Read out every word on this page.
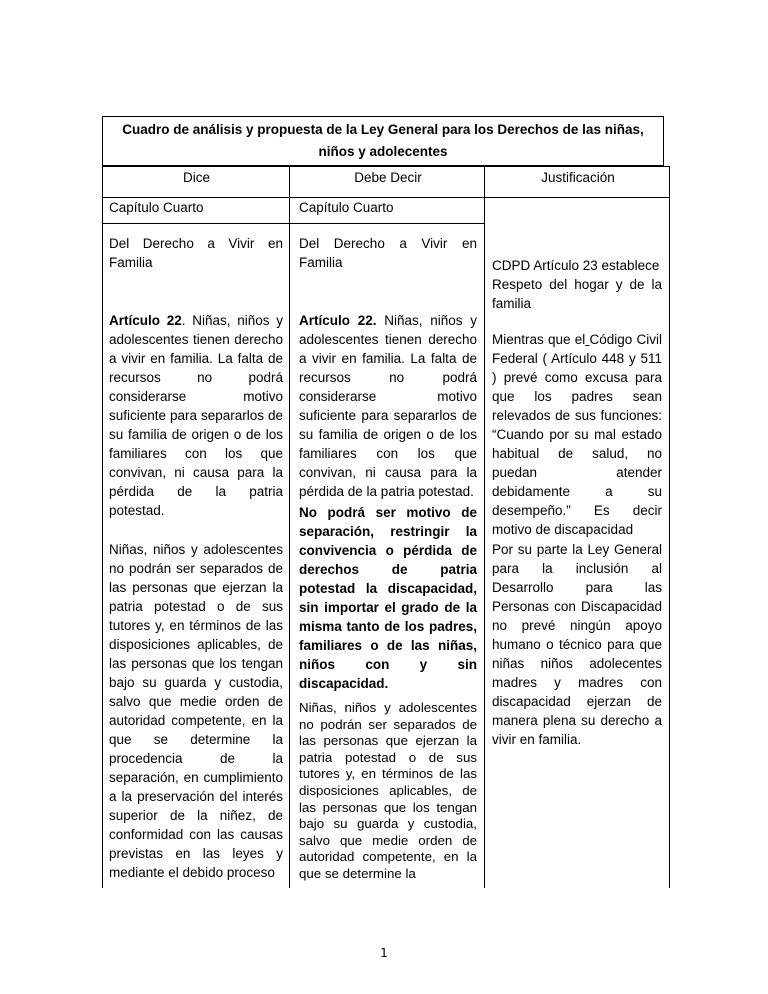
Cuadro de análisis y propuesta de la Ley General para los Derechos de las niñas, niños y adolecentes
Dice	Debe Decir	Justificación
Capítulo Cuarto
Del Derecho a Vivir en Familia
Artículo 22. Niñas, niños y adolescentes tienen derecho a vivir en familia. La falta de recursos no podrá considerarse motivo suficiente para separarlos de su familia de origen o de los familiares con los que convivan, ni causa para la pérdida de la patria potestad.
Niñas, niños y adolescentes no podrán ser separados de las personas que ejerzan la patria potestad o de sus tutores y, en términos de las disposiciones aplicables, de las personas que los tengan bajo su guarda y custodia, salvo que medie orden de autoridad competente, en la que se determine la procedencia de la separación, en cumplimiento a la preservación del interés superior de la niñez, de conformidad con las causas previstas en las leyes y mediante el debido proceso
Capítulo Cuarto
Del Derecho a Vivir en Familia
Artículo 22. Niñas, niños y adolescentes tienen derecho a vivir en familia. La falta de recursos no podrá considerarse motivo suficiente para separarlos de su familia de origen o de los familiares con los que convivan, ni causa para la pérdida de la patria potestad.
No podrá ser motivo de separación, restringir la convivencia o pérdida de derechos de patria potestad la discapacidad, sin importar el grado de la misma tanto de los padres, familiares o de las niñas, niños con y sin discapacidad.
Niñas, niños y adolescentes no podrán ser separados de las personas que ejerzan la patria potestad o de sus tutores y, en términos de las disposiciones aplicables, de las personas que los tengan bajo su guarda y custodia, salvo que medie orden de autoridad competente, en la que se determine la
CDPD Artículo 23 establece
Respeto del hogar y de la familia
Mientras que el Código Civil Federal ( Artículo 448 y 511 ) prevé como excusa para que los padres sean relevados de sus funciones: “Cuando por su mal estado habitual de salud, no puedan atender debidamente a su desempeño.” Es decir motivo de discapacidad
Por su parte la Ley General para la inclusión al Desarrollo para las Personas con Discapacidad no prevé ningún apoyo humano o técnico para que niñas niños adolecentes madres y madres con discapacidad ejerzan de manera plena su derecho a vivir en familia.
1
